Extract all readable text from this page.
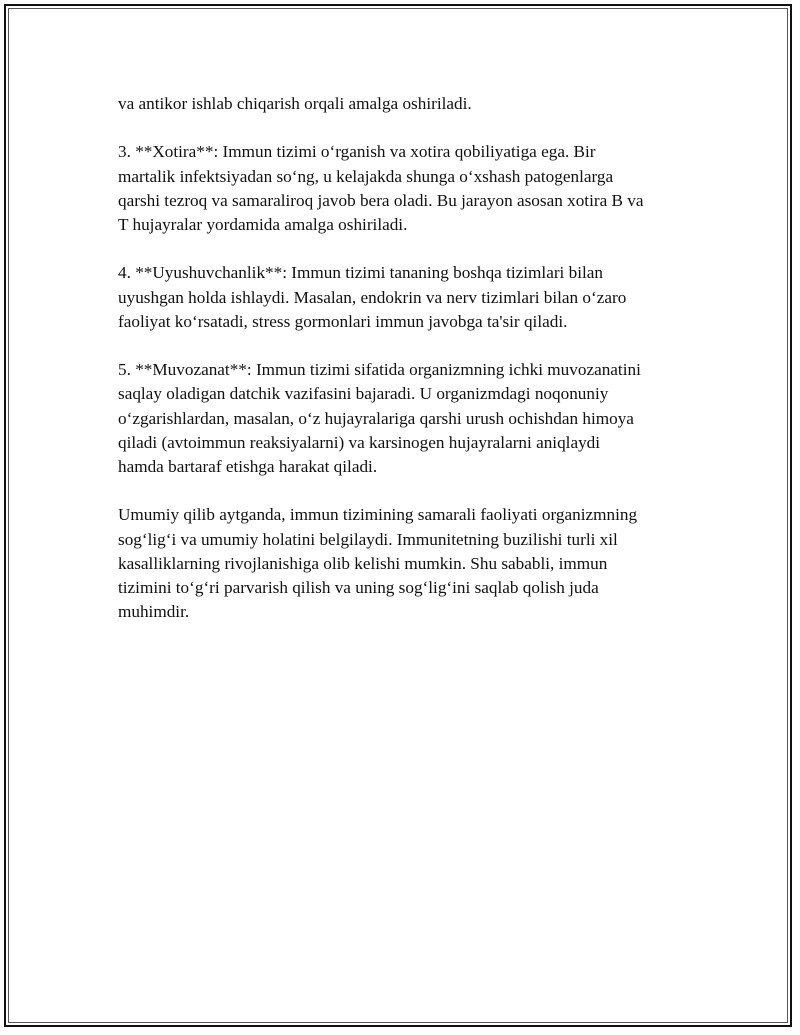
va antikor ishlab chiqarish orqali amalga oshiriladi.

3. **Xotira**: Immun tizimi o‘rganish va xotira qobiliyatiga ega. Bir
martalik infektsiyadan so‘ng, u kelajakda shunga o‘xshash patogenlarga
qarshi tezroq va samaraliroq javob bera oladi. Bu jarayon asosan xotira B va
T hujayralar yordamida amalga oshiriladi.

4. **Uyushuvchanlik**: Immun tizimi tananing boshqa tizimlari bilan
uyushgan holda ishlaydi. Masalan, endokrin va nerv tizimlari bilan o‘zaro
faoliyat ko‘rsatadi, stress gormonlari immun javobga ta'sir qiladi.

5. **Muvozanat**: Immun tizimi sifatida organizmning ichki muvozanatini
saqlay oladigan datchik vazifasini bajaradi. U organizmdagi noqonuniy
o‘zgarishlardan, masalan, o‘z hujayralariga qarshi urush ochishdan himoya
qiladi (avtoimmun reaksiyalarni) va karsinogen hujayralarni aniqlaydi
hamda bartaraf etishga harakat qiladi.

Umumiy qilib aytganda, immun tizimining samarali faoliyati organizmning
sog‘lig‘i va umumiy holatini belgilaydi. Immunitetning buzilishi turli xil
kasalliklarning rivojlanishiga olib kelishi mumkin. Shu sababli, immun
tizimini to‘g‘ri parvarish qilish va uning sog‘lig‘ini saqlab qolish juda
muhimdir.
